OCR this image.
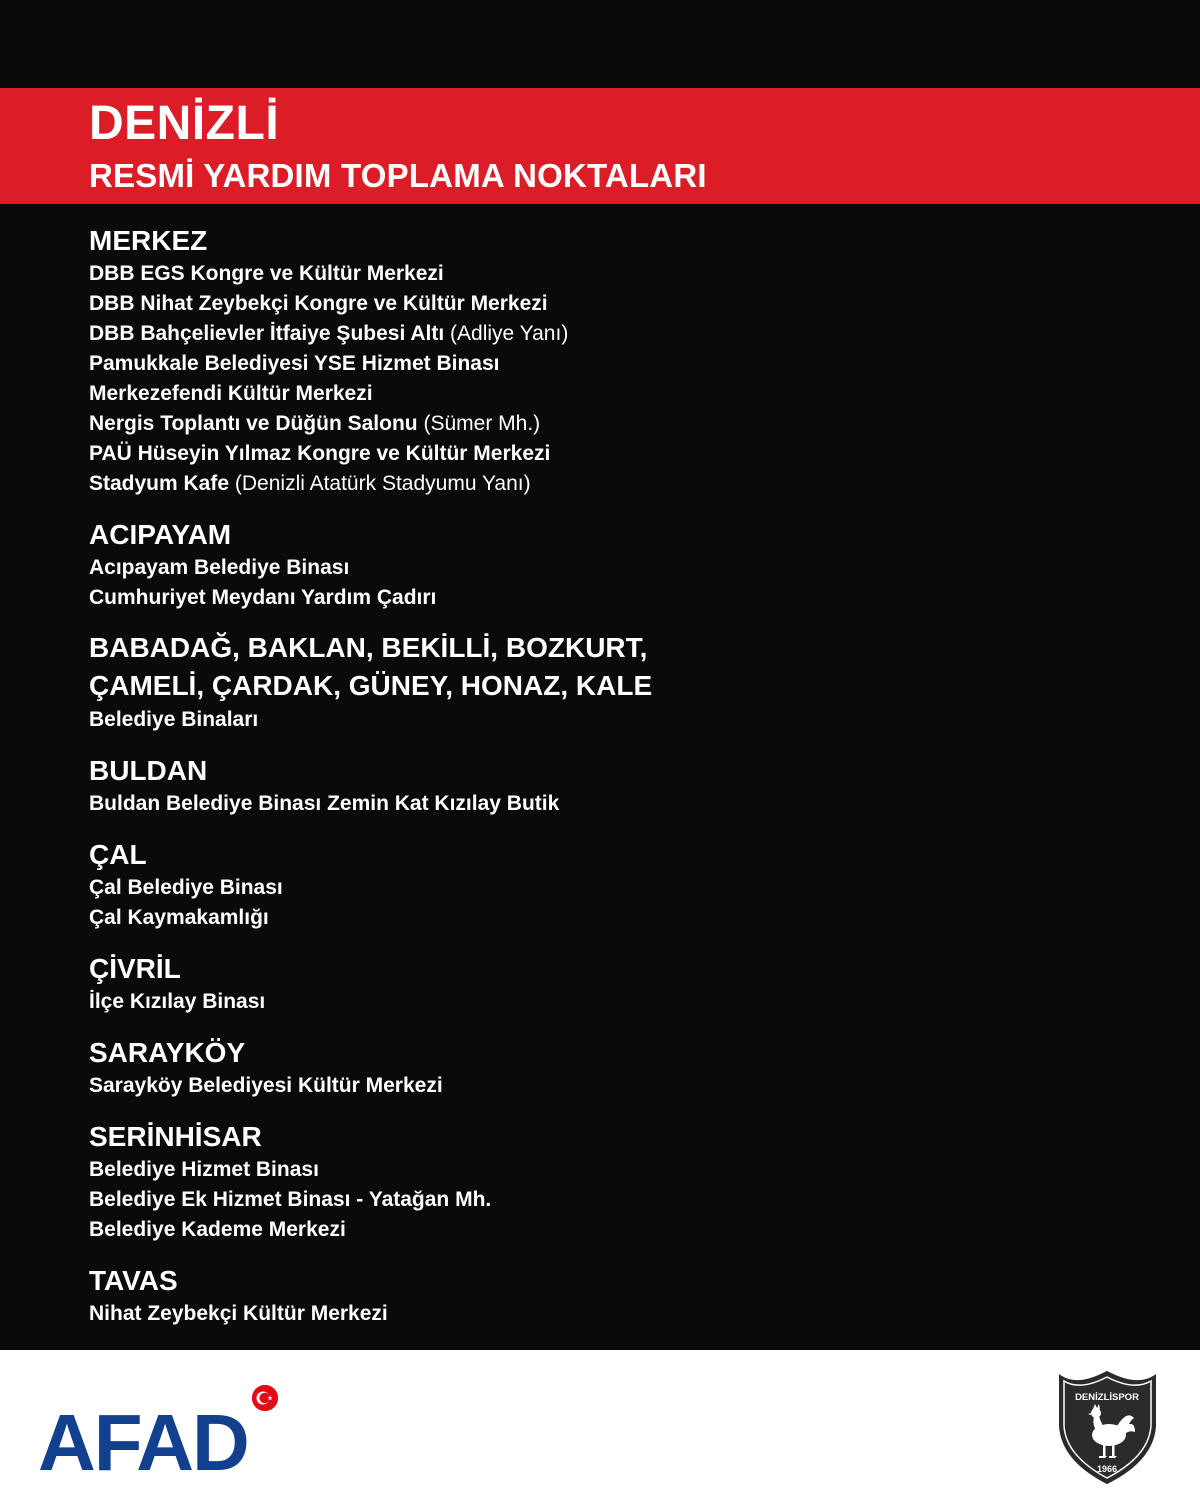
DENİZLİ
RESMİ YARDIM TOPLAMA NOKTALARI
MERKEZ
DBB EGS Kongre ve Kültür Merkezi
DBB Nihat Zeybekçi Kongre ve Kültür Merkezi
DBB Bahçelievler İtfaiye Şubesi Altı (Adliye Yanı)
Pamukkale Belediyesi YSE Hizmet Binası
Merkezefendi Kültür Merkezi
Nergis Toplantı ve Düğün Salonu (Sümer Mh.)
PAÜ Hüseyin Yılmaz Kongre ve Kültür Merkezi
Stadyum Kafe (Denizli Atatürk Stadyumu Yanı)
ACIPAYAM
Acıpayam Belediye Binası
Cumhuriyet Meydanı Yardım Çadırı
BABADAĞ, BAKLAN, BEKİLLİ, BOZKURT,
ÇAMELİ, ÇARDAK, GÜNEY, HONAZ, KALE
Belediye Binaları
BULDAN
Buldan Belediye Binası Zemin Kat Kızılay Butik
ÇAL
Çal Belediye Binası
Çal Kaymakamlığı
ÇİVRİL
İlçe Kızılay Binası
SARAYKÖY
Sarayköy Belediyesi Kültür Merkezi
SERİNHİSAR
Belediye Hizmet Binası
Belediye Ek Hizmet Binası - Yatağan Mh.
Belediye Kademe Merkezi
TAVAS
Nihat Zeybekçi Kültür Merkezi
AFAD
DENİZLİSPOR
1966
